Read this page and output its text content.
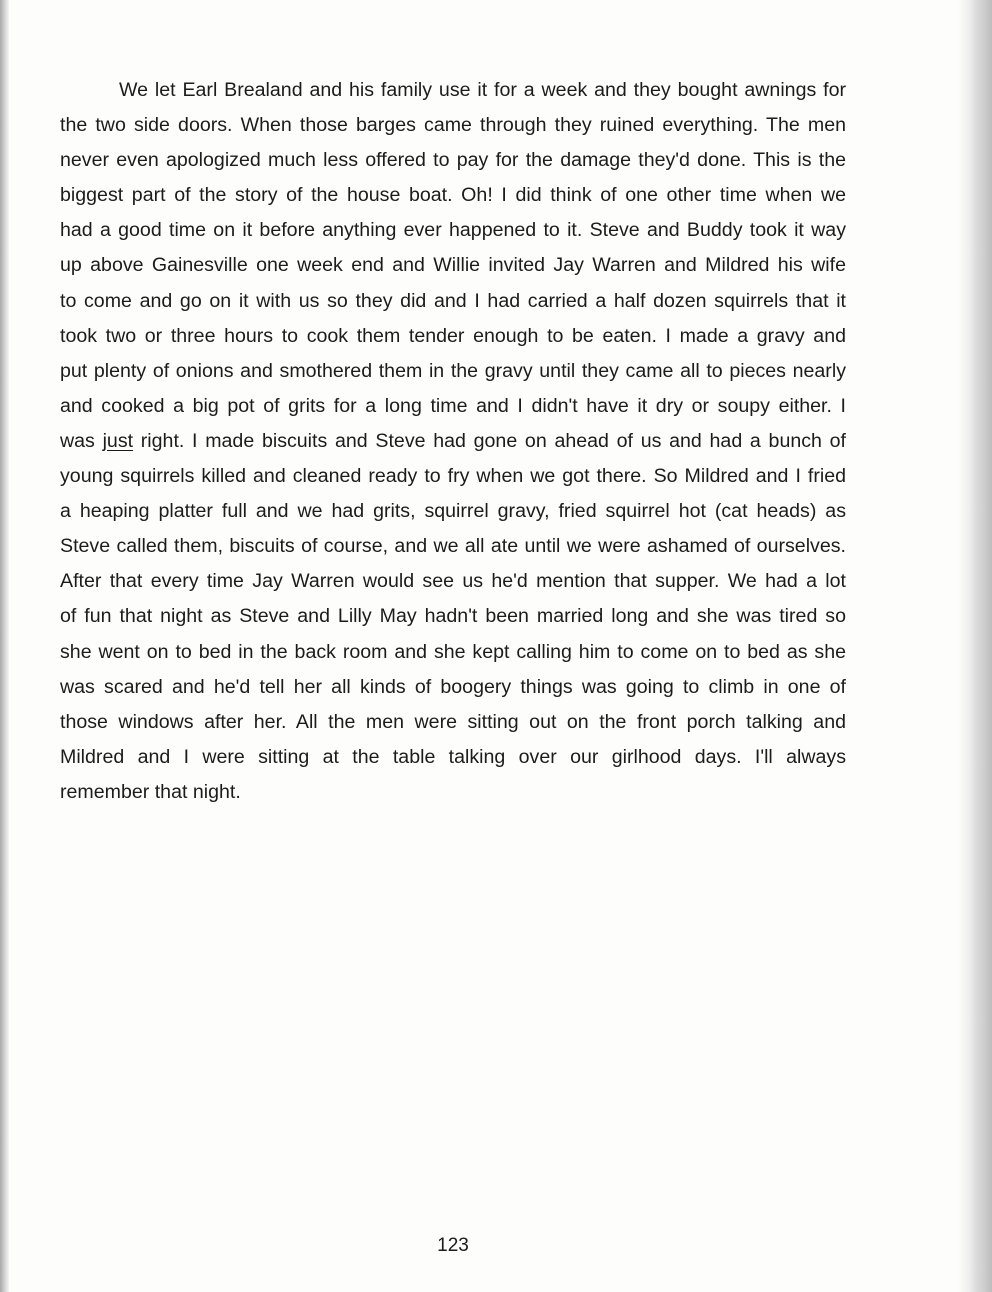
We let Earl Brealand and his family use it for a week and they bought awnings for
the two side doors. When those barges came through they ruined everything. The men
never even apologized much less offered to pay for the damage they'd done. This is the
biggest part of the story of the house boat. Oh! I did think of one other time when we
had a good time on it before anything ever happened to it. Steve and Buddy took it way
up above Gainesville one week end and Willie invited Jay Warren and Mildred his wife
to come and go on it with us so they did and I had carried a half dozen squirrels that it
took two or three hours to cook them tender enough to be eaten. I made a gravy and
put plenty of onions and smothered them in the gravy until they came all to pieces nearly
and cooked a big pot of grits for a long time and I didn't have it dry or soupy either. I
was just right. I made biscuits and Steve had gone on ahead of us and had a bunch of
young squirrels killed and cleaned ready to fry when we got there. So Mildred and I fried
a heaping platter full and we had grits, squirrel gravy, fried squirrel hot (cat heads) as
Steve called them, biscuits of course, and we all ate until we were ashamed of ourselves.
After that every time Jay Warren would see us he'd mention that supper. We had a lot
of fun that night as Steve and Lilly May hadn't been married long and she was tired so
she went on to bed in the back room and she kept calling him to come on to bed as she
was scared and he'd tell her all kinds of boogery things was going to climb in one of
those windows after her. All the men were sitting out on the front porch talking and
Mildred and I were sitting at the table talking over our girlhood days. I'll always
remember that night.
123
